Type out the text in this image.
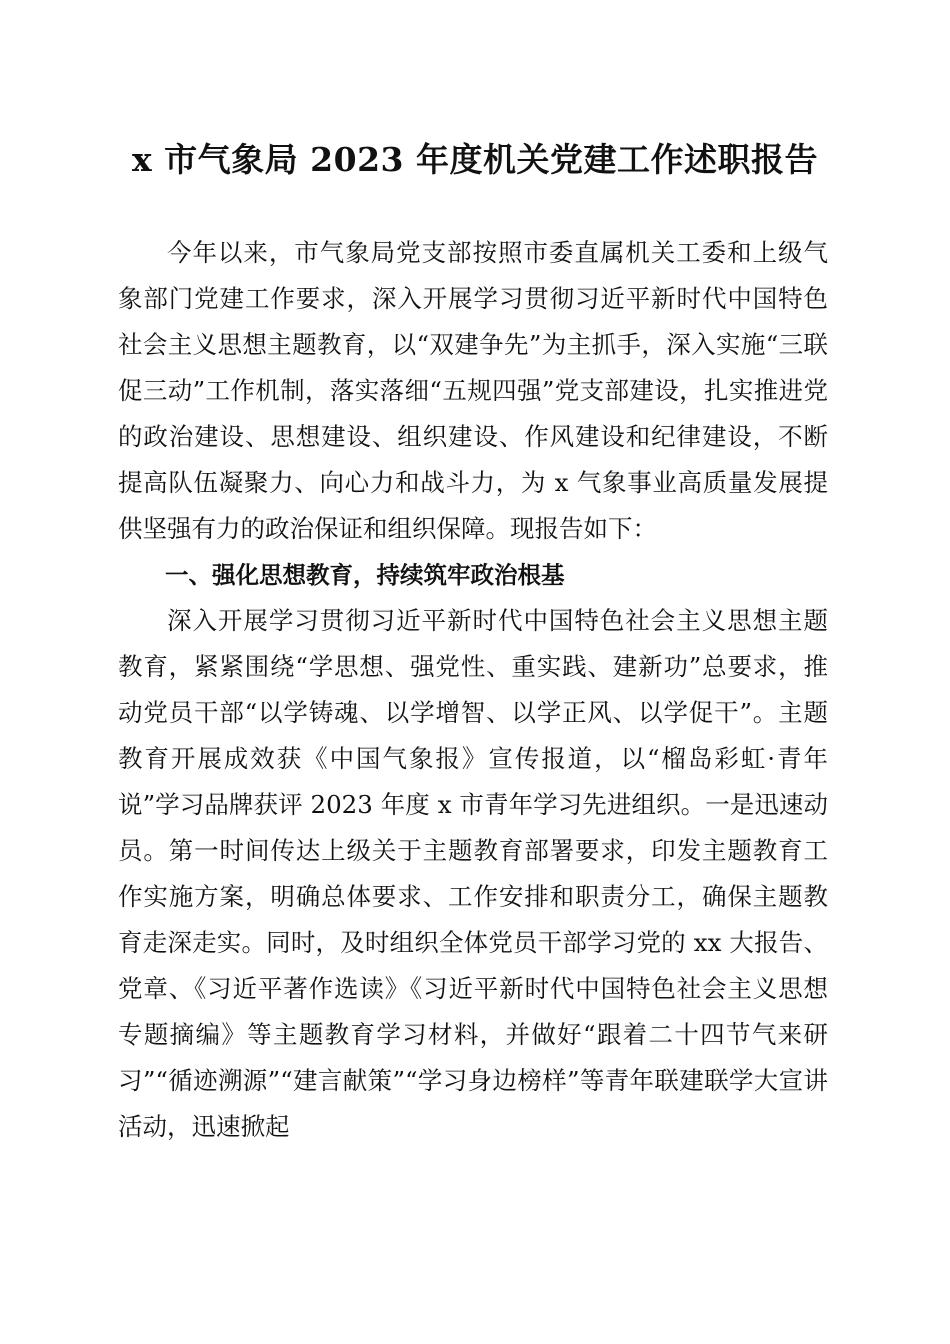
x 市气象局 2023 年度机关党建工作述职报告

今年以来，市气象局党支部按照市委直属机关工委和上级气象部门党建工作要求，深入开展学习贯彻习近平新时代中国特色社会主义思想主题教育，以“双建争先”为主抓手，深入实施“三联促三动”工作机制，落实落细“五规四强”党支部建设，扎实推进党的政治建设、思想建设、组织建设、作风建设和纪律建设，不断提高队伍凝聚力、向心力和战斗力，为 x 气象事业高质量发展提供坚强有力的政治保证和组织保障。现报告如下：

一、强化思想教育，持续筑牢政治根基

深入开展学习贯彻习近平新时代中国特色社会主义思想主题教育，紧紧围绕“学思想、强党性、重实践、建新功”总要求，推动党员干部“以学铸魂、以学增智、以学正风、以学促干”。主题教育开展成效获《中国气象报》宣传报道，以“榴岛彩虹·青年说”学习品牌获评 2023 年度 x 市青年学习先进组织。一是迅速动员。第一时间传达上级关于主题教育部署要求，印发主题教育工作实施方案，明确总体要求、工作安排和职责分工，确保主题教育走深走实。同时，及时组织全体党员干部学习党的 xx 大报告、党章、《习近平著作选读》《习近平新时代中国特色社会主义思想专题摘编》等主题教育学习材料，并做好“跟着二十四节气来研习”“循迹溯源”“建言献策”“学习身边榜样”等青年联建联学大宣讲活动，迅速掀起
